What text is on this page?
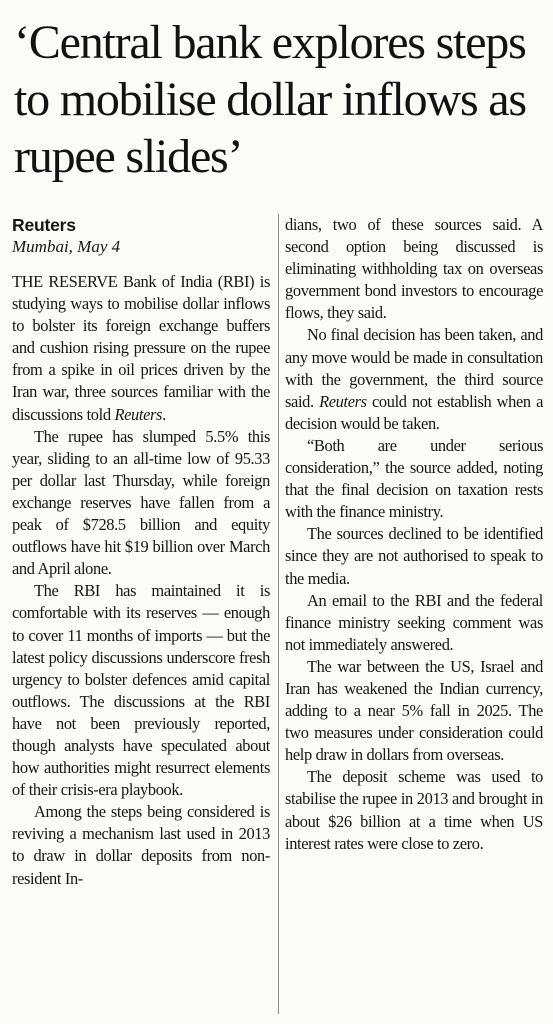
‘Central bank explores steps to mobilise dollar inflows as rupee slides’
Reuters
Mumbai, May 4

THE RESERVE Bank of India (RBI) is studying ways to mobilise dollar inflows to bolster its foreign exchange buffers and cushion rising pressure on the rupee from a spike in oil prices driven by the Iran war, three sources familiar with the discussions told Reuters.

The rupee has slumped 5.5% this year, sliding to an all-time low of 95.33 per dollar last Thursday, while foreign exchange reserves have fallen from a peak of $728.5 billion and equity outflows have hit $19 billion over March and April alone.

The RBI has maintained it is comfortable with its reserves — enough to cover 11 months of imports — but the latest policy discussions underscore fresh urgency to bolster defences amid capital outflows. The discussions at the RBI have not been previously reported, though analysts have speculated about how authorities might resurrect elements of their crisis-era playbook.

Among the steps being considered is reviving a mechanism last used in 2013 to draw in dollar deposits from non-resident In-

dians, two of these sources said. A second option being discussed is eliminating withholding tax on overseas government bond investors to encourage flows, they said.

No final decision has been taken, and any move would be made in consultation with the government, the third source said. Reuters could not establish when a decision would be taken.

“Both are under serious consideration,” the source added, noting that the final decision on taxation rests with the finance ministry.

The sources declined to be identified since they are not authorised to speak to the media.

An email to the RBI and the federal finance ministry seeking comment was not immediately answered.

The war between the US, Israel and Iran has weakened the Indian currency, adding to a near 5% fall in 2025. The two measures under consideration could help draw in dollars from overseas.

The deposit scheme was used to stabilise the rupee in 2013 and brought in about $26 billion at a time when US interest rates were close to zero.
